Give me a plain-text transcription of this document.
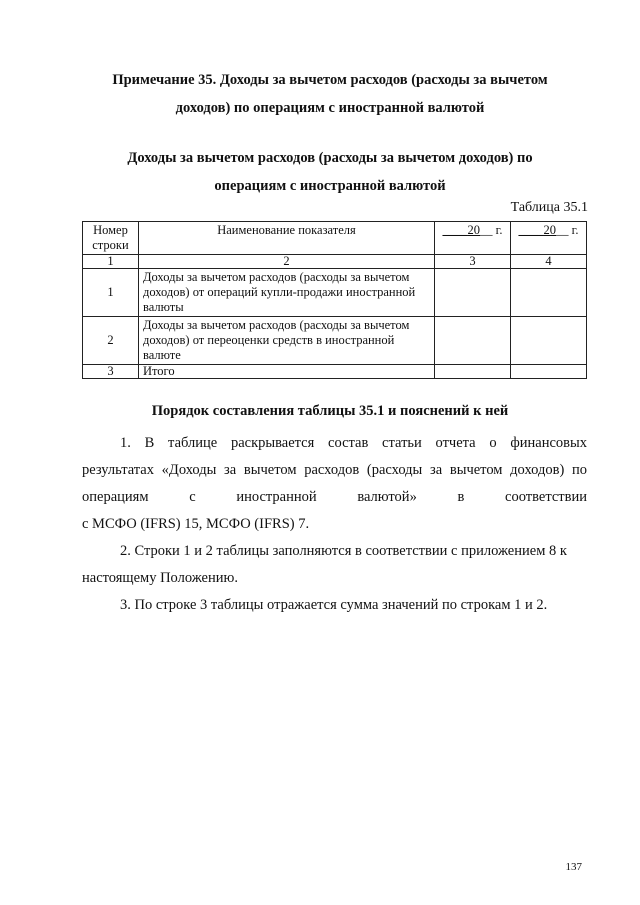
Примечание 35. Доходы за вычетом расходов (расходы за вычетом
доходов) по операциям с иностранной валютой
Доходы за вычетом расходов (расходы за вычетом доходов) по
операциям с иностранной валютой
Таблица 35.1
Номер строки	Наименование показателя	____20__ г.	____20__ г.
1	2	3	4
1	Доходы за вычетом расходов (расходы за вычетом доходов) от операций купли-продажи иностранной валюты		
2	Доходы за вычетом расходов (расходы за вычетом доходов) от переоценки средств в иностранной валюте		
3	Итого		
Порядок составления таблицы 35.1 и пояснений к ней
1. В таблице раскрывается состав статьи отчета о финансовых
результатах «Доходы за вычетом расходов (расходы за вычетом доходов) по
операциям с иностранной валютой» в соответствии
с МСФО (IFRS) 15, МСФО (IFRS) 7.
2. Строки 1 и 2 таблицы заполняются в соответствии с приложением 8 к настоящему Положению.
3. По строке 3 таблицы отражается сумма значений по строкам 1 и 2.
137
